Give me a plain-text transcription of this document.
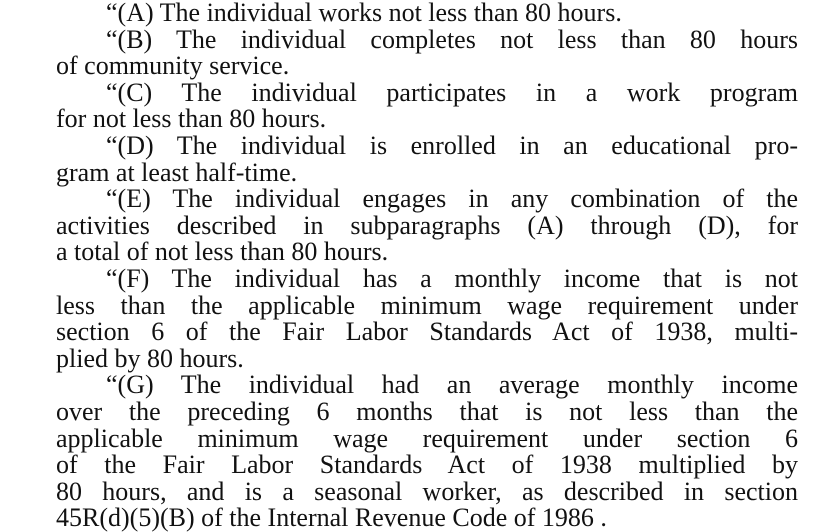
“(A) The individual works not less than 80 hours.
“(B) The individual completes not less than 80 hours
of community service.
“(C) The individual participates in a work program
for not less than 80 hours.
“(D) The individual is enrolled in an educational pro-
gram at least half-time.
“(E) The individual engages in any combination of the
activities described in subparagraphs (A) through (D), for
a total of not less than 80 hours.
“(F) The individual has a monthly income that is not
less than the applicable minimum wage requirement under
section 6 of the Fair Labor Standards Act of 1938, multi-
plied by 80 hours.
“(G) The individual had an average monthly income
over the preceding 6 months that is not less than the
applicable minimum wage requirement under section 6
of the Fair Labor Standards Act of 1938 multiplied by
80 hours, and is a seasonal worker, as described in section
45R(d)(5)(B) of the Internal Revenue Code of 1986 .
